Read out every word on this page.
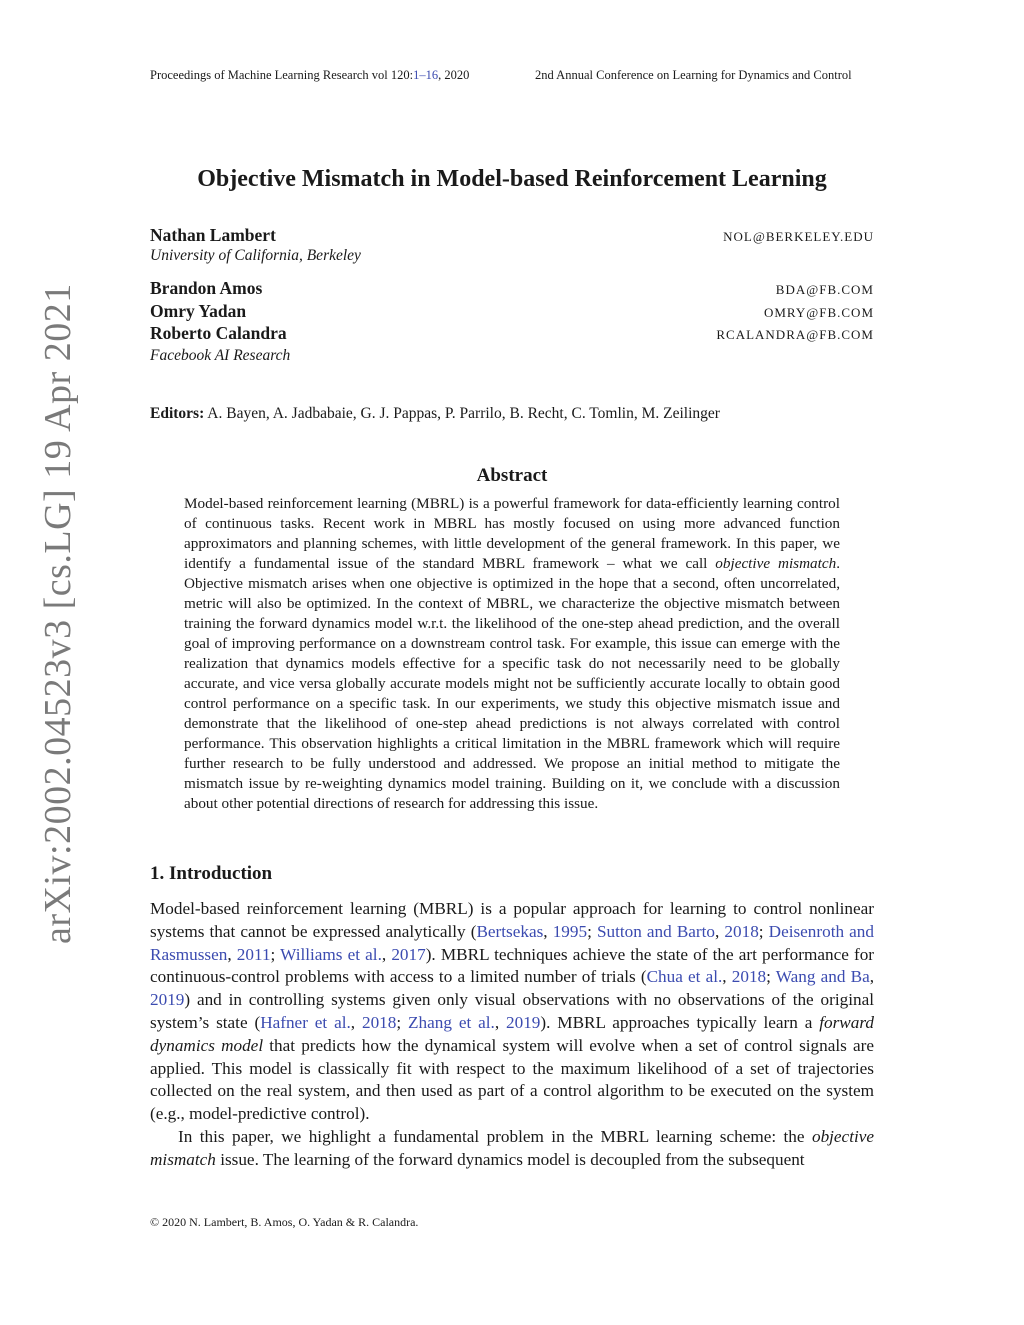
Proceedings of Machine Learning Research vol 120:1–16, 2020	2nd Annual Conference on Learning for Dynamics and Control
arXiv:2002.04523v3 [cs.LG] 19 Apr 2021
Objective Mismatch in Model-based Reinforcement Learning
Nathan Lambert	NOL@BERKELEY.EDU
University of California, Berkeley
Brandon Amos	BDA@FB.COM
Omry Yadan	OMRY@FB.COM
Roberto Calandra	RCALANDRA@FB.COM
Facebook AI Research
Editors: A. Bayen, A. Jadbabaie, G. J. Pappas, P. Parrilo, B. Recht, C. Tomlin, M. Zeilinger
Abstract
Model-based reinforcement learning (MBRL) is a powerful framework for data-efficiently learning control of continuous tasks. Recent work in MBRL has mostly focused on using more advanced function approximators and planning schemes, with little development of the general framework. In this paper, we identify a fundamental issue of the standard MBRL framework – what we call objective mismatch. Objective mismatch arises when one objective is optimized in the hope that a second, often uncorrelated, metric will also be optimized. In the context of MBRL, we characterize the objective mismatch between training the forward dynamics model w.r.t. the likelihood of the one-step ahead prediction, and the overall goal of improving performance on a downstream control task. For example, this issue can emerge with the realization that dynamics models effective for a specific task do not necessarily need to be globally accurate, and vice versa globally accurate models might not be sufficiently accurate locally to obtain good control performance on a specific task. In our experiments, we study this objective mismatch issue and demonstrate that the likelihood of one-step ahead predictions is not always correlated with control performance. This observation highlights a critical limitation in the MBRL framework which will require further research to be fully understood and addressed. We propose an initial method to mitigate the mismatch issue by re-weighting dynamics model training. Building on it, we conclude with a discussion about other potential directions of research for addressing this issue.
1. Introduction

Model-based reinforcement learning (MBRL) is a popular approach for learning to control nonlinear systems that cannot be expressed analytically (Bertsekas, 1995; Sutton and Barto, 2018; Deisenroth and Rasmussen, 2011; Williams et al., 2017). MBRL techniques achieve the state of the art performance for continuous-control problems with access to a limited number of trials (Chua et al., 2018; Wang and Ba, 2019) and in controlling systems given only visual observations with no observations of the original system’s state (Hafner et al., 2018; Zhang et al., 2019). MBRL approaches typically learn a forward dynamics model that predicts how the dynamical system will evolve when a set of control signals are applied. This model is classically fit with respect to the maximum likelihood of a set of trajectories collected on the real system, and then used as part of a control algorithm to be executed on the system (e.g., model-predictive control).

In this paper, we highlight a fundamental problem in the MBRL learning scheme: the objective mismatch issue. The learning of the forward dynamics model is decoupled from the subsequent

© 2020 N. Lambert, B. Amos, O. Yadan & R. Calandra.
